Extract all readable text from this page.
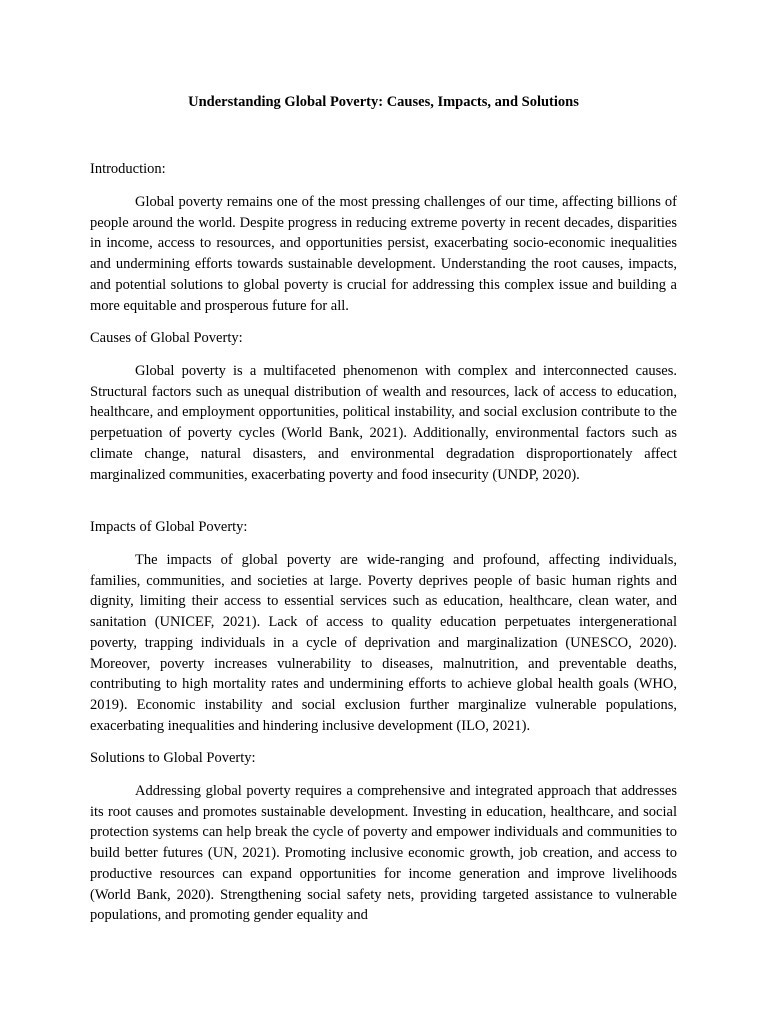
Understanding Global Poverty: Causes, Impacts, and Solutions

Introduction:

Global poverty remains one of the most pressing challenges of our time, affecting billions of people around the world. Despite progress in reducing extreme poverty in recent decades, disparities in income, access to resources, and opportunities persist, exacerbating socio-economic inequalities and undermining efforts towards sustainable development. Understanding the root causes, impacts, and potential solutions to global poverty is crucial for addressing this complex issue and building a more equitable and prosperous future for all.

Causes of Global Poverty:

Global poverty is a multifaceted phenomenon with complex and interconnected causes. Structural factors such as unequal distribution of wealth and resources, lack of access to education, healthcare, and employment opportunities, political instability, and social exclusion contribute to the perpetuation of poverty cycles (World Bank, 2021). Additionally, environmental factors such as climate change, natural disasters, and environmental degradation disproportionately affect marginalized communities, exacerbating poverty and food insecurity (UNDP, 2020).

Impacts of Global Poverty:

The impacts of global poverty are wide-ranging and profound, affecting individuals, families, communities, and societies at large. Poverty deprives people of basic human rights and dignity, limiting their access to essential services such as education, healthcare, clean water, and sanitation (UNICEF, 2021). Lack of access to quality education perpetuates intergenerational poverty, trapping individuals in a cycle of deprivation and marginalization (UNESCO, 2020). Moreover, poverty increases vulnerability to diseases, malnutrition, and preventable deaths, contributing to high mortality rates and undermining efforts to achieve global health goals (WHO, 2019). Economic instability and social exclusion further marginalize vulnerable populations, exacerbating inequalities and hindering inclusive development (ILO, 2021).

Solutions to Global Poverty:

Addressing global poverty requires a comprehensive and integrated approach that addresses its root causes and promotes sustainable development. Investing in education, healthcare, and social protection systems can help break the cycle of poverty and empower individuals and communities to build better futures (UN, 2021). Promoting inclusive economic growth, job creation, and access to productive resources can expand opportunities for income generation and improve livelihoods (World Bank, 2020). Strengthening social safety nets, providing targeted assistance to vulnerable populations, and promoting gender equality and
